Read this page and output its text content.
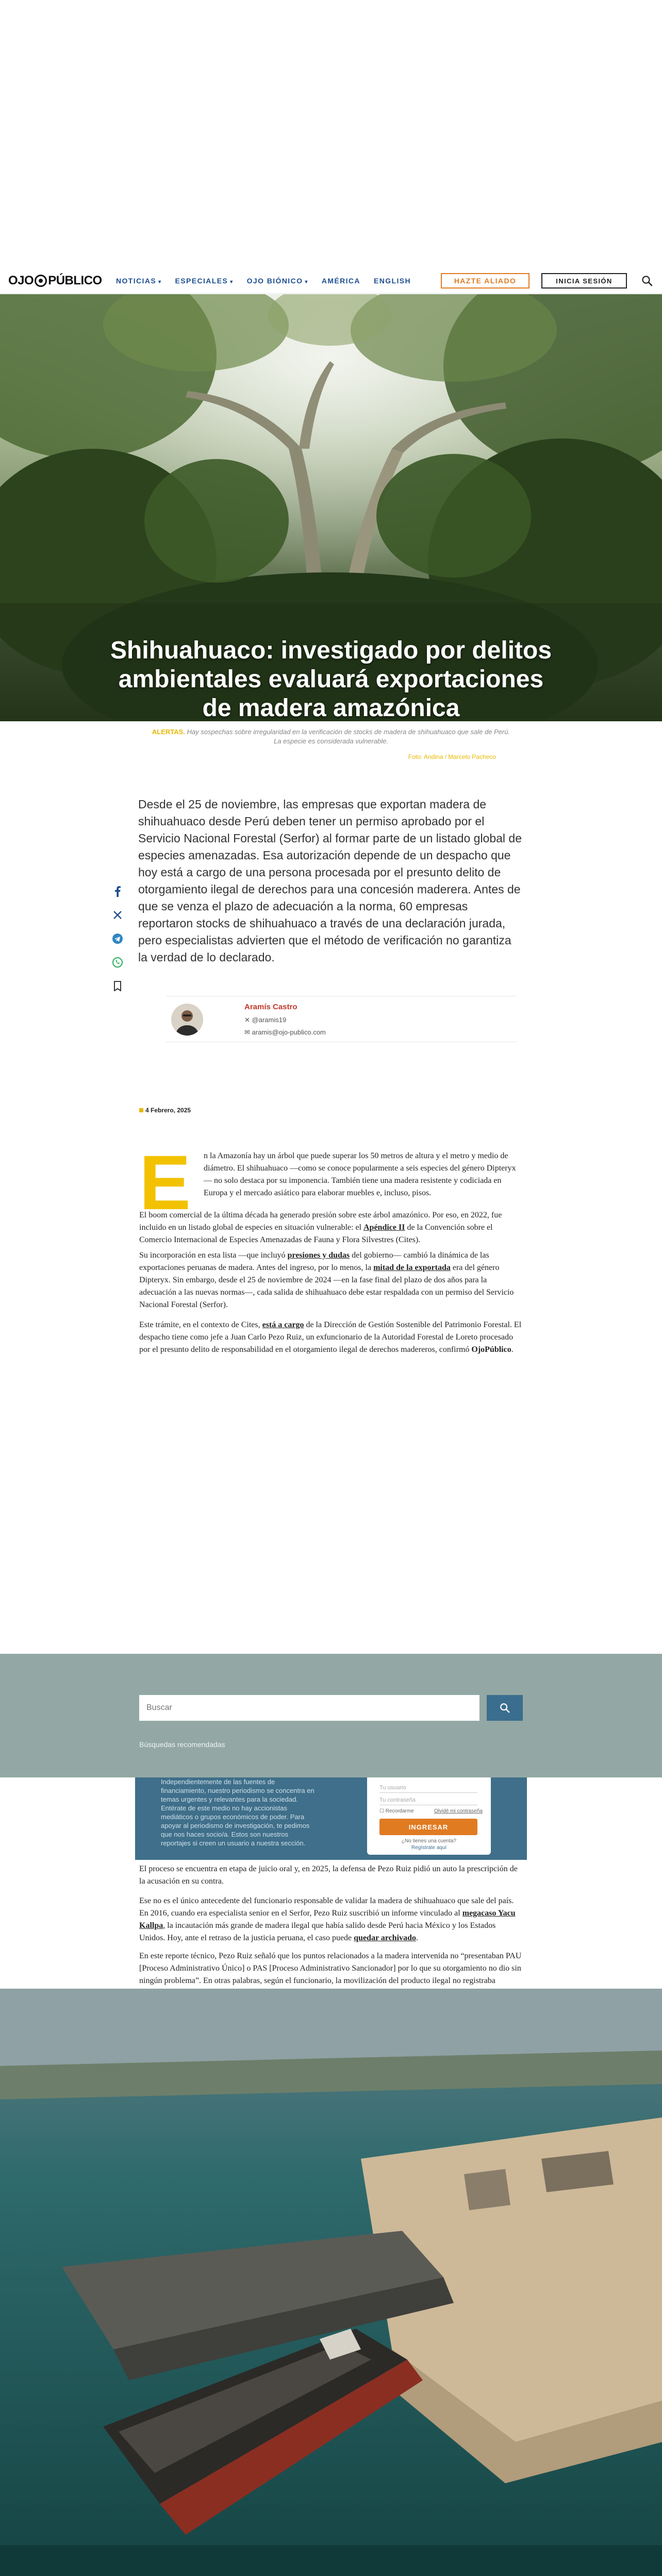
OJO PÚBLICO NOTICIAS ▾ ESPECIALES ▾ OJO BIÓNICO ▾ AMÉRICA ENGLISH	HAZTE ALIADO	INICIA SESIÓN
Shihuahuaco: investigado por delitos ambientales evaluará exportaciones de madera amazónica

ALERTAS. Hay sospechas sobre irregularidad en la verificación de stocks de madera de shihuahuaco que sale de Perú. La especie es considerada vulnerable.

Foto: Andina / Marcelo Pacheco

Desde el 25 de noviembre, las empresas que exportan madera de shihuahuaco desde Perú deben tener un permiso aprobado por el Servicio Nacional Forestal (Serfor) al formar parte de un listado global de especies amenazadas. Esa autorización depende de un despacho que hoy está a cargo de una persona procesada por el presunto delito de otorgamiento ilegal de derechos para una concesión maderera. Antes de que se venza el plazo de adecuación a la norma, 60 empresas reportaron stocks de shihuahuaco a través de una declaración jurada, pero especialistas advierten que el método de verificación no garantiza la verdad de lo declarado.

Aramís Castro
✕ @aramis19
✉ aramis@ojo-publico.com
4 Febrero, 2025
E n la Amazonía hay un árbol que puede superar los 50 metros de altura y el metro y medio de diámetro. El shihuahuaco —como se conoce popularmente a seis especies del género Dipteryx— no solo destaca por su imponencia. También tiene una madera resistente y codiciada en Europa y el mercado asiático para elaborar muebles e, incluso, pisos.

El boom comercial de la última década ha generado presión sobre este árbol amazónico. Por eso, en 2022, fue incluido en un listado global de especies en situación vulnerable: el Apéndice II de la Convención sobre el Comercio Internacional de Especies Amenazadas de Fauna y Flora Silvestres (Cites).

Su incorporación en esta lista —que incluyó presiones y dudas del gobierno— cambió la dinámica de las exportaciones peruanas de madera. Antes del ingreso, por lo menos, la mitad de la exportada era del género Dipteryx. Sin embargo, desde el 25 de noviembre de 2024 —en la fase final del plazo de dos años para la adecuación a las nuevas normas—, cada salida de shihuahuaco debe estar respaldada con un permiso del Servicio Nacional Forestal (Serfor).

Este trámite, en el contexto de Cites, está a cargo de la Dirección de Gestión Sostenible del Patrimonio Forestal. El despacho tiene como jefe a Juan Carlo Pezo Ruiz, un exfuncionario de la Autoridad Forestal de Loreto procesado por el presunto delito de responsabilidad en el otorgamiento ilegal de derechos madereros, confirmó OjoPúblico.

Buscar
Búsquedas recomendadas

Independientemente de las fuentes de financiamiento, nuestro periodismo se concentra en temas urgentes y relevantes para la sociedad. Entérate de este medio no hay accionistas mediáticos o grupos económicos de poder. Para apoyar al periodismo de investigación, te pedimos que nos haces socio/a. Estos son nuestros reportajes si creen un usuario a nuestra sección.

Tu usuario
Tu contraseña
☐ Recordarme	Olvidé mi contraseña
INGRESAR
¿No tienes una cuenta?
Regístrate aquí

El proceso se encuentra en etapa de juicio oral y, en 2025, la defensa de Pezo Ruiz pidió un auto la prescripción de la acusación en su contra.

Ese no es el único antecedente del funcionario responsable de validar la madera de shihuahuaco que sale del país. En 2016, cuando era especialista senior en el Serfor, Pezo Ruiz suscribió un informe vinculado al megacaso Yacu Kallpa, la incautación más grande de madera ilegal que había salido desde Perú hacia México y los Estados Unidos. Hoy, ante el retraso de la justicia peruana, el caso puede quedar archivado.

En este reporte técnico, Pezo Ruiz señaló que los puntos relacionados a la madera intervenida no “presentaban PAU [Proceso Administrativo Único] o PAS [Proceso Administrativo Sancionador] por lo que su otorgamiento no dio sin ningún problema”. En otras palabras, según el funcionario, la movilización del producto ilegal no registraba
